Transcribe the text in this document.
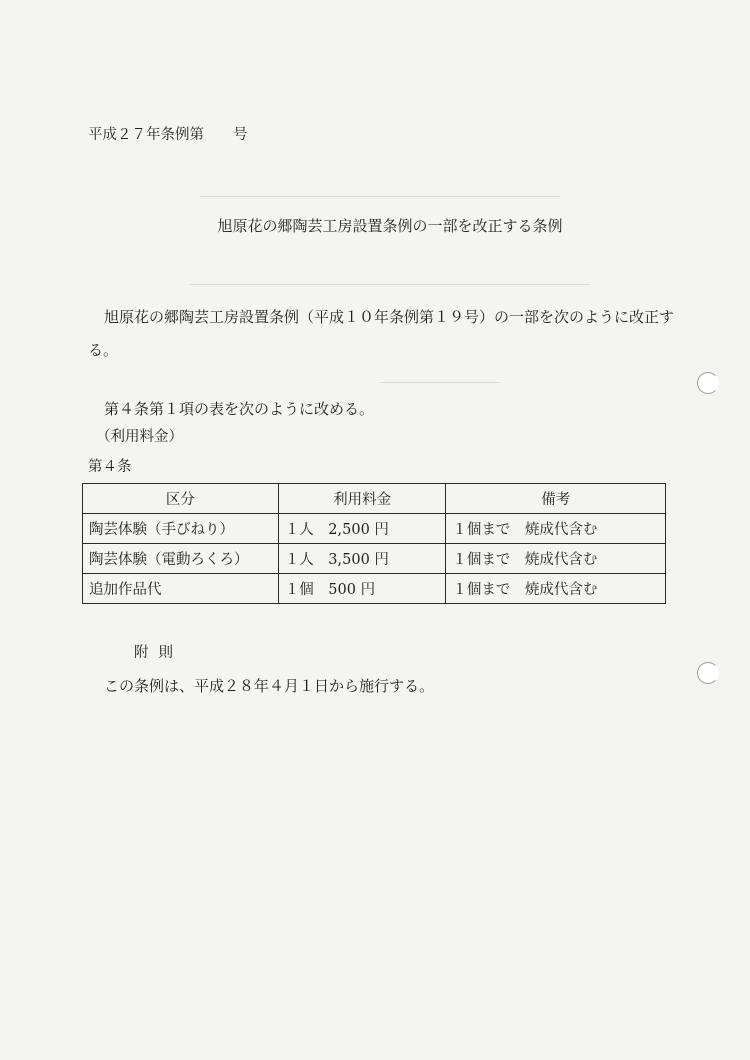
平成２７年条例第　　号
旭原花の郷陶芸工房設置条例の一部を改正する条例
旭原花の郷陶芸工房設置条例（平成１０年条例第１９号）の一部を次のように改正す
る。
第４条第１項の表を次のように改める。
（利用料金）
第４条
区分	利用料金	備考
陶芸体験（手びねり）	１人　2,500 円	１個まで　焼成代含む
陶芸体験（電動ろくろ）	１人　3,500 円	１個まで　焼成代含む
追加作品代	１個　500 円	１個まで　焼成代含む
附則
この条例は、平成２８年４月１日から施行する。
